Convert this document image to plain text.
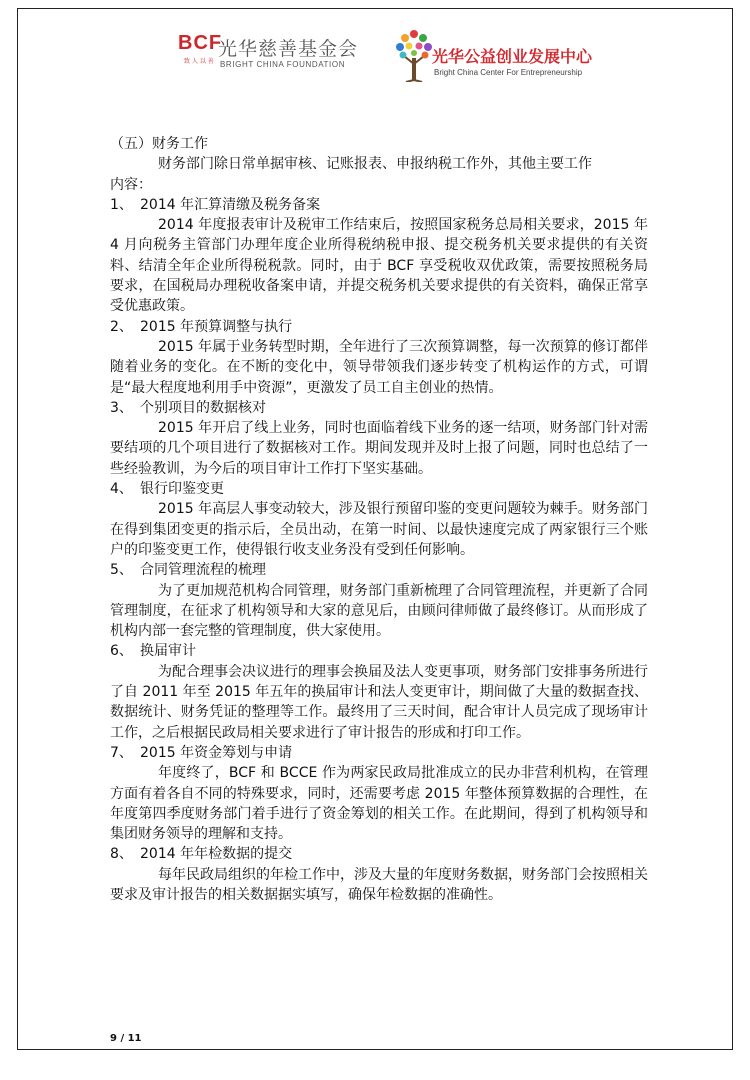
BCF
致 人 以 善
光华慈善基金会
BRIGHT CHINA FOUNDATION	光华公益创业发展中心
Bright China Center For Entrepreneurship

（五）财务工作

财务部门除日常单据审核、记账报表、申报纳税工作外，其他主要工作

内容：

1、 2014 年汇算清缴及税务备案

2014 年度报表审计及税审工作结束后，按照国家税务总局相关要求，2015 年 4 月向税务主管部门办理年度企业所得税纳税申报、提交税务机关要求提供的有关资料、结清全年企业所得税税款。同时，由于 BCF 享受税收双优政策，需要按照税务局要求，在国税局办理税收备案申请，并提交税务机关要求提供的有关资料，确保正常享受优惠政策。

2、 2015 年预算调整与执行

2015 年属于业务转型时期，全年进行了三次预算调整，每一次预算的修订都伴随着业务的变化。在不断的变化中，领导带领我们逐步转变了机构运作的方式，可谓是“最大程度地利用手中资源”，更激发了员工自主创业的热情。

3、 个别项目的数据核对

2015 年开启了线上业务，同时也面临着线下业务的逐一结项，财务部门针对需要结项的几个项目进行了数据核对工作。期间发现并及时上报了问题，同时也总结了一些经验教训，为今后的项目审计工作打下坚实基础。

4、 银行印鉴变更

2015 年高层人事变动较大，涉及银行预留印鉴的变更问题较为棘手。财务部门在得到集团变更的指示后，全员出动，在第一时间、以最快速度完成了两家银行三个账户的印鉴变更工作，使得银行收支业务没有受到任何影响。

5、 合同管理流程的梳理

为了更加规范机构合同管理，财务部门重新梳理了合同管理流程，并更新了合同管理制度，在征求了机构领导和大家的意见后，由顾问律师做了最终修订。从而形成了机构内部一套完整的管理制度，供大家使用。

6、 换届审计

为配合理事会决议进行的理事会换届及法人变更事项，财务部门安排事务所进行了自 2011 年至 2015 年五年的换届审计和法人变更审计，期间做了大量的数据查找、数据统计、财务凭证的整理等工作。最终用了三天时间，配合审计人员完成了现场审计工作，之后根据民政局相关要求进行了审计报告的形成和打印工作。

7、 2015 年资金筹划与申请

年度终了，BCF 和 BCCE 作为两家民政局批准成立的民办非营利机构，在管理方面有着各自不同的特殊要求，同时，还需要考虑 2015 年整体预算数据的合理性，在年度第四季度财务部门着手进行了资金筹划的相关工作。在此期间，得到了机构领导和集团财务领导的理解和支持。

8、 2014 年年检数据的提交

每年民政局组织的年检工作中，涉及大量的年度财务数据，财务部门会按照相关要求及审计报告的相关数据据实填写，确保年检数据的准确性。

9 / 11
